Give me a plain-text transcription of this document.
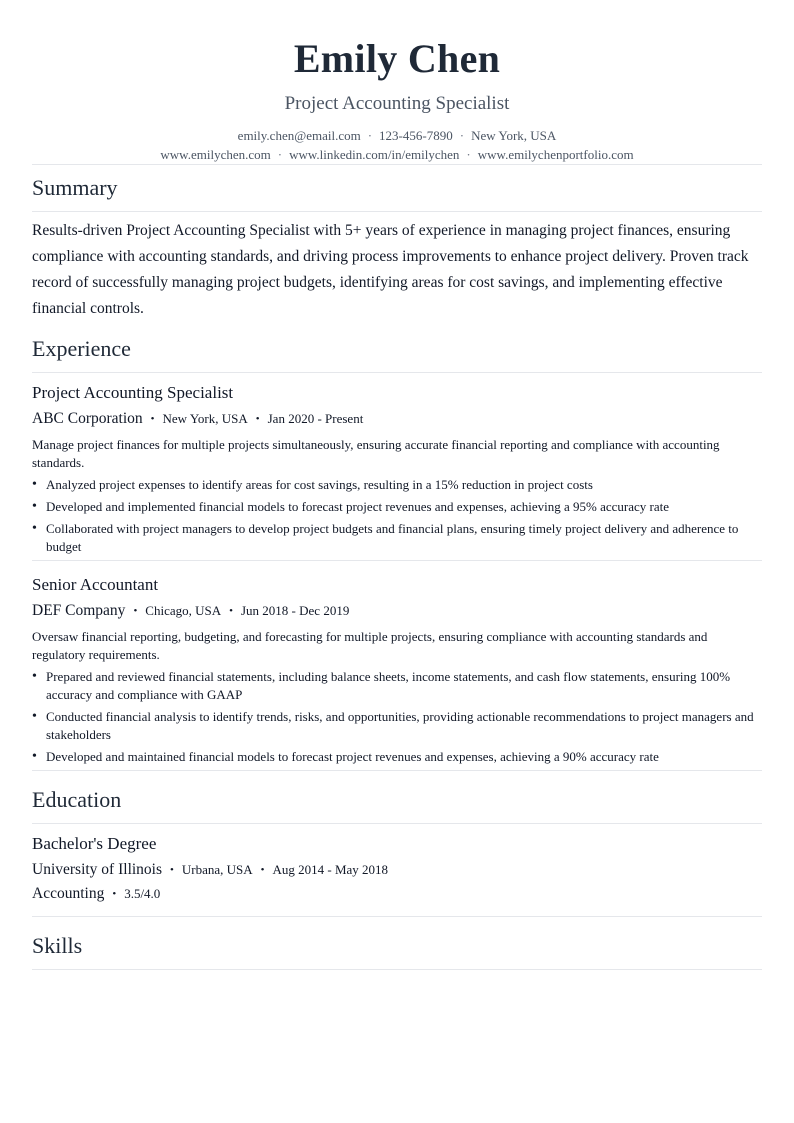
Emily Chen
Project Accounting Specialist
emily.chen@email.com · 123-456-7890 · New York, USA
www.emilychen.com · www.linkedin.com/in/emilychen · www.emilychenportfolio.com
Summary

Results-driven Project Accounting Specialist with 5+ years of experience in managing project finances, ensuring compliance with accounting standards, and driving process improvements to enhance project delivery. Proven track record of successfully managing project budgets, identifying areas for cost savings, and implementing effective financial controls.

Experience
Project Accounting Specialist
ABC Corporation • New York, USA • Jan 2020 - Present
Manage project finances for multiple projects simultaneously, ensuring accurate financial reporting and compliance with accounting standards.
• Analyzed project expenses to identify areas for cost savings, resulting in a 15% reduction in project costs
• Developed and implemented financial models to forecast project revenues and expenses, achieving a 95% accuracy rate
• Collaborated with project managers to develop project budgets and financial plans, ensuring timely project delivery and adherence to budget
Senior Accountant
DEF Company • Chicago, USA • Jun 2018 - Dec 2019
Oversaw financial reporting, budgeting, and forecasting for multiple projects, ensuring compliance with accounting standards and regulatory requirements.
• Prepared and reviewed financial statements, including balance sheets, income statements, and cash flow statements, ensuring 100% accuracy and compliance with GAAP
• Conducted financial analysis to identify trends, risks, and opportunities, providing actionable recommendations to project managers and stakeholders
• Developed and maintained financial models to forecast project revenues and expenses, achieving a 90% accuracy rate
Education
Bachelor's Degree
University of Illinois • Urbana, USA • Aug 2014 - May 2018
Accounting • 3.5/4.0
Skills
